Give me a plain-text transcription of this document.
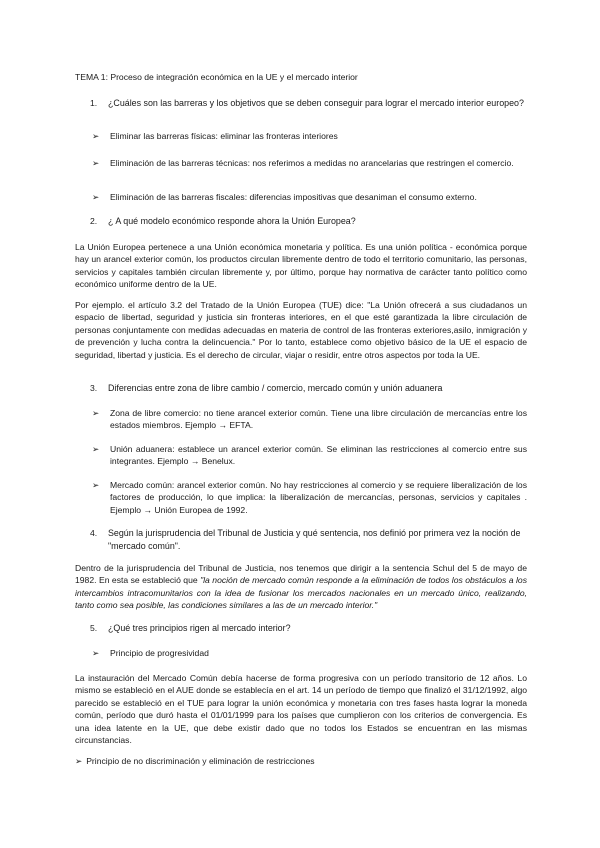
TEMA 1: Proceso de integración económica en la UE y el mercado interior

1. ¿Cuáles son las barreras y los objetivos que se deben conseguir para lograr el mercado interior europeo?
➢ Eliminar las barreras físicas: eliminar las fronteras interiores
➢ Eliminación de las barreras técnicas: nos referimos a medidas no arancelarias que restringen el comercio.
➢ Eliminación de las barreras fiscales: diferencias impositivas que desaniman el consumo externo.
2. ¿ A qué modelo económico responde ahora la Unión Europea?

La Unión Europea pertenece a una Unión económica monetaria y política. Es una unión política - económica porque hay un arancel exterior común, los productos circulan libremente dentro de todo el territorio comunitario, las personas, servicios y capitales también circulan libremente y, por último, porque hay normativa de carácter tanto político como económico uniforme dentro de la UE.

Por ejemplo. el artículo 3.2 del Tratado de la Unión Europea (TUE) dice: "La Unión ofrecerá a sus ciudadanos un espacio de libertad, seguridad y justicia sin fronteras interiores, en el que esté garantizada la libre circulación de personas conjuntamente con medidas adecuadas en materia de control de las fronteras exteriores,asilo, inmigración y de prevención y lucha contra la delincuencia." Por lo tanto, establece como objetivo básico de la UE el espacio de seguridad, libertad y justicia. Es el derecho de circular, viajar o residir, entre otros aspectos por toda la UE.

3. Diferencias entre zona de libre cambio / comercio, mercado común y unión aduanera
➢ Zona de libre comercio: no tiene arancel exterior común. Tiene una libre circulación de mercancías entre los estados miembros. Ejemplo → EFTA.
➢ Unión aduanera: establece un arancel exterior común. Se eliminan las restricciones al comercio entre sus integrantes. Ejemplo → Benelux.
➢ Mercado común: arancel exterior común. No hay restricciones al comercio y se requiere liberalización de los factores de producción, lo que implica: la liberalización de mercancías, personas, servicios y capitales . Ejemplo → Unión Europea de 1992.
4. Según la jurisprudencia del Tribunal de Justicia y qué sentencia, nos definió por primera vez la noción de "mercado común".

Dentro de la jurisprudencia del Tribunal de Justicia, nos tenemos que dirigir a la sentencia Schul del 5 de mayo de 1982. En esta se estableció que "la noción de mercado común responde a la eliminación de todos los obstáculos a los intercambios intracomunitarios con la idea de fusionar los mercados nacionales en un mercado único, realizando, tanto como sea posible, las condiciones similares a las de un mercado interior."

5. ¿Qué tres principios rigen al mercado interior?
➢ Principio de progresividad

La instauración del Mercado Común debía hacerse de forma progresiva con un período transitorio de 12 años. Lo mismo se estableció en el AUE donde se establecía en el art. 14 un período de tiempo que finalizó el 31/12/1992, algo parecido se estableció en el TUE para lograr la unión económica y monetaria con tres fases hasta lograr la moneda común, período que duró hasta el 01/01/1999 para los países que cumplieron con los criterios de convergencia. Es una idea latente en la UE, que debe existir dado que no todos los Estados se encuentran en las mismas circunstancias.

➢ Principio de no discriminación y eliminación de restricciones
